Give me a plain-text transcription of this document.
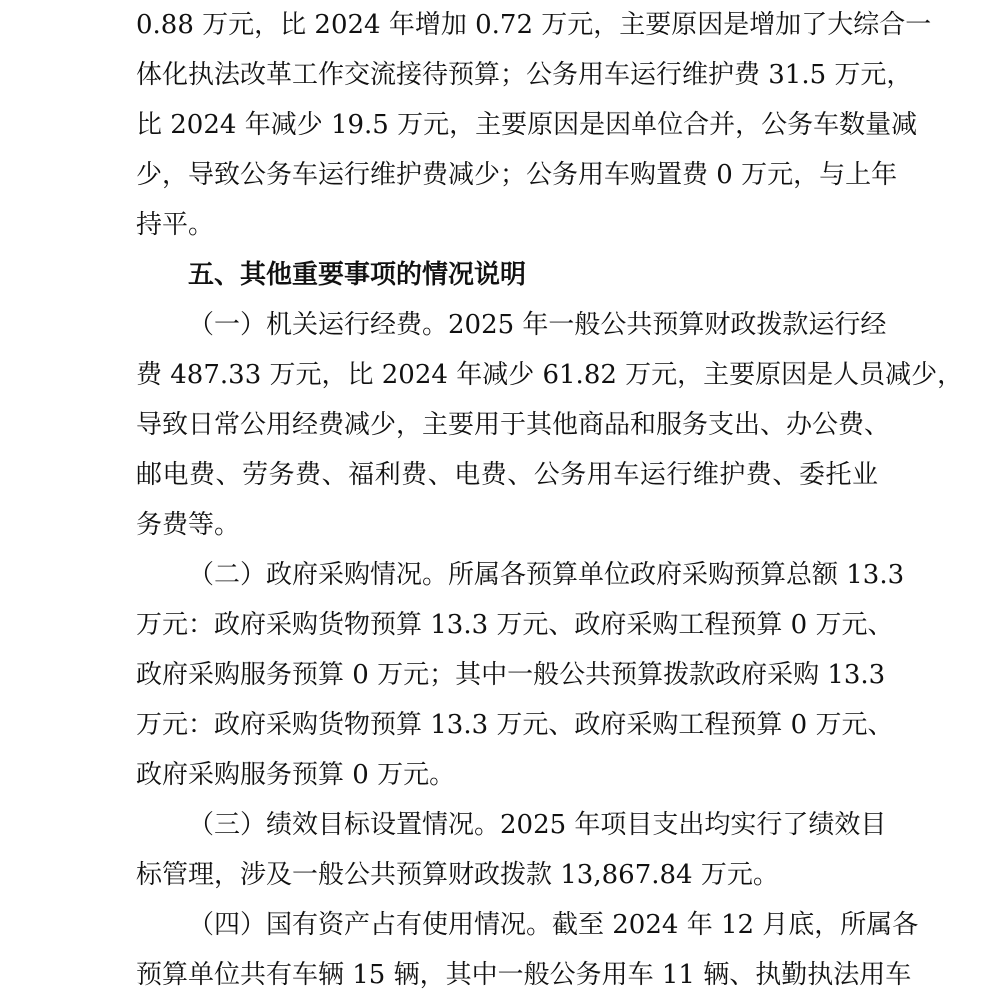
0.88 万元，比 2024 年增加 0.72 万元，主要原因是增加了大综合一
体化执法改革工作交流接待预算；公务用车运行维护费 31.5 万元，
比 2024 年减少 19.5 万元，主要原因是因单位合并，公务车数量减
少，导致公务车运行维护费减少；公务用车购置费 0 万元，与上年
持平。
五、其他重要事项的情况说明
（一）机关运行经费。2025 年一般公共预算财政拨款运行经
费 487.33 万元，比 2024 年减少 61.82 万元，主要原因是人员减少，
导致日常公用经费减少，主要用于其他商品和服务支出、办公费、
邮电费、劳务费、福利费、电费、公务用车运行维护费、委托业
务费等。
（二）政府采购情况。所属各预算单位政府采购预算总额 13.3
万元：政府采购货物预算 13.3 万元、政府采购工程预算 0 万元、
政府采购服务预算 0 万元；其中一般公共预算拨款政府采购 13.3
万元：政府采购货物预算 13.3 万元、政府采购工程预算 0 万元、
政府采购服务预算 0 万元。
（三）绩效目标设置情况。2025 年项目支出均实行了绩效目
标管理，涉及一般公共预算财政拨款 13,867.84 万元。
（四）国有资产占有使用情况。截至 2024 年 12 月底，所属各
预算单位共有车辆 15 辆，其中一般公务用车 11 辆、执勤执法用车
